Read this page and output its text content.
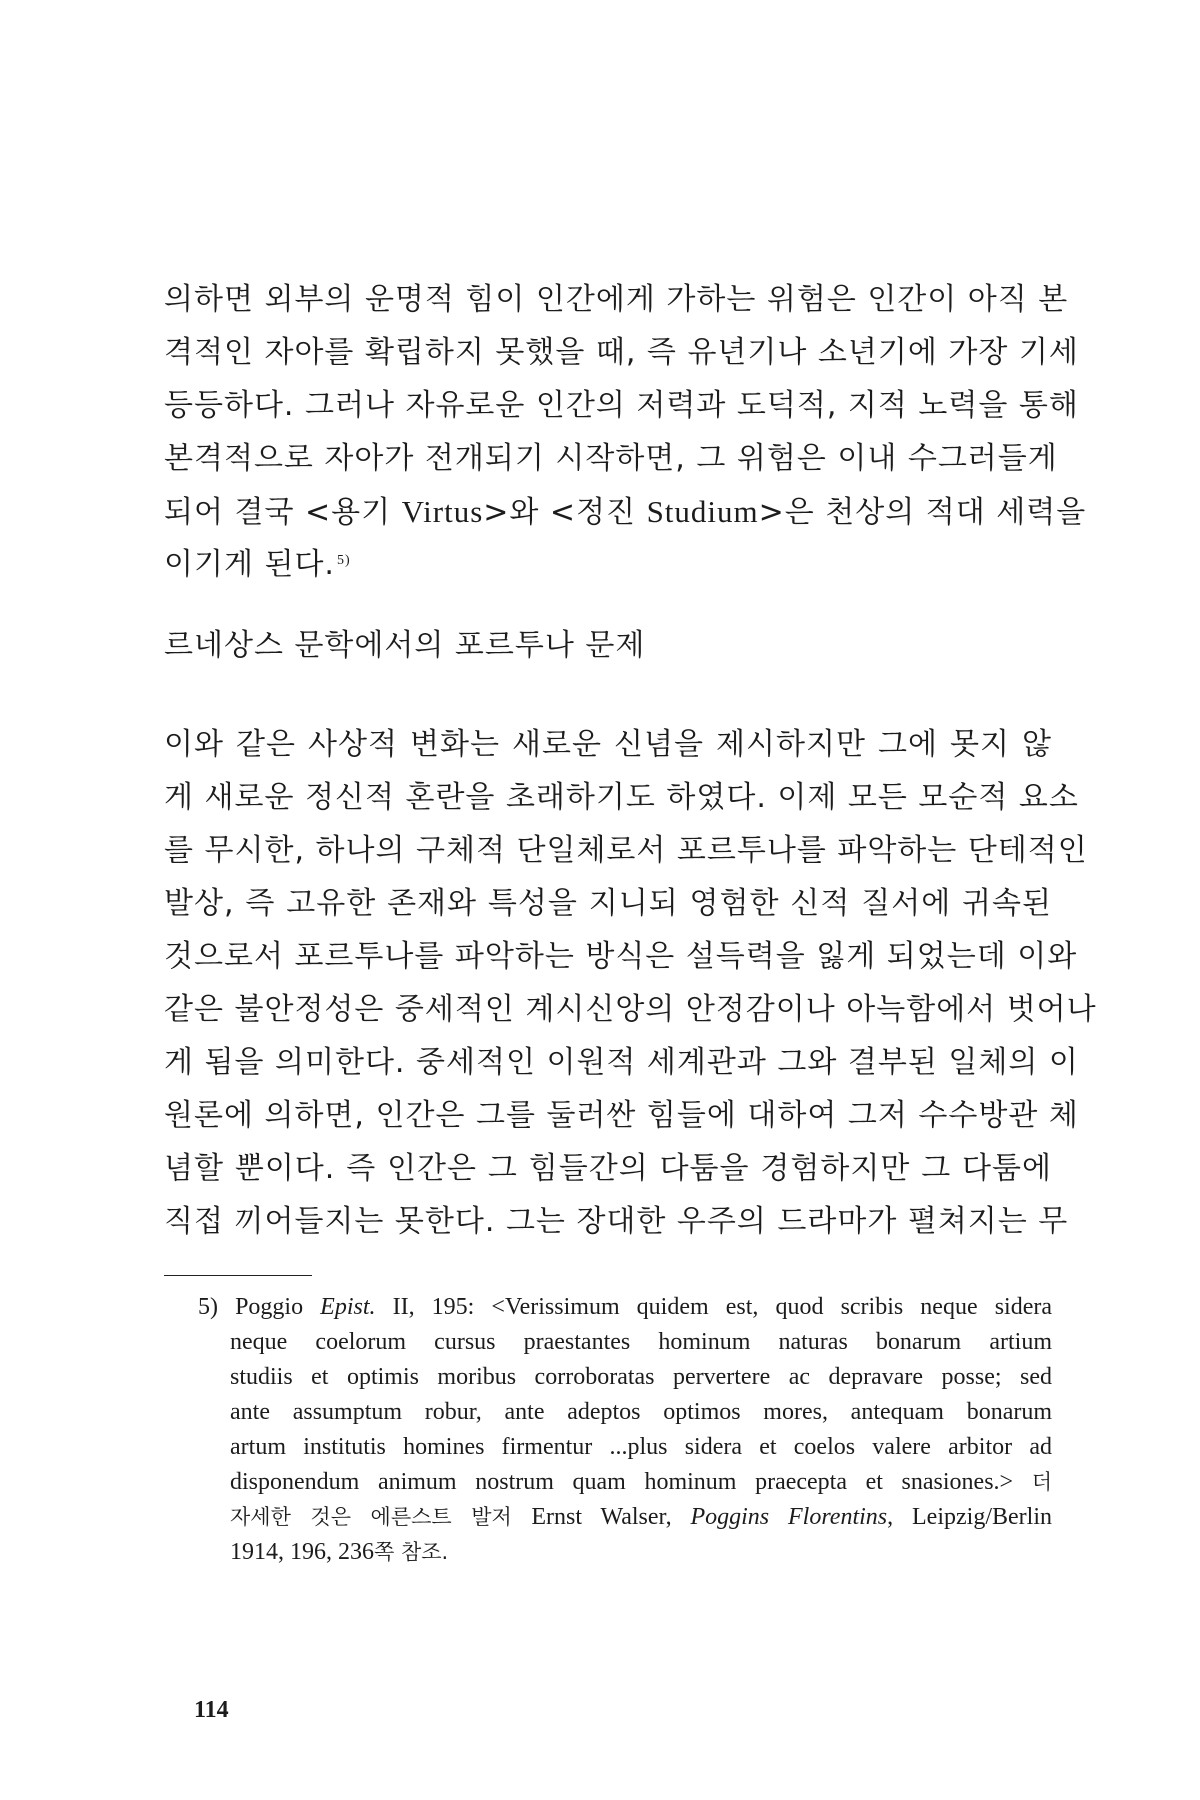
의하면 외부의 운명적 힘이 인간에게 가하는 위험은 인간이 아직 본
격적인 자아를 확립하지 못했을 때, 즉 유년기나 소년기에 가장 기세
등등하다. 그러나 자유로운 인간의 저력과 도덕적, 지적 노력을 통해
본격적으로 자아가 전개되기 시작하면, 그 위험은 이내 수그러들게
되어 결국 <용기 Virtus>와 <정진 Studium>은 천상의 적대 세력을
이기게 된다. $^{5)}$
르네상스 문학에서의 포르투나 문제
이와 같은 사상적 변화는 새로운 신념을 제시하지만 그에 못지 않
게 새로운 정신적 혼란을 초래하기도 하였다. 이제 모든 모순적 요소
를 무시한, 하나의 구체적 단일체로서 포르투나를 파악하는 단테적인
발상, 즉 고유한 존재와 특성을 지니되 영험한 신적 질서에 귀속된
것으로서 포르투나를 파악하는 방식은 설득력을 잃게 되었는데 이와
같은 불안정성은 중세적인 계시신앙의 안정감이나 아늑함에서 벗어나
게 됨을 의미한다. 중세적인 이원적 세계관과 그와 결부된 일체의 이
원론에 의하면, 인간은 그를 둘러싼 힘들에 대하여 그저 수수방관 체
념할 뿐이다. 즉 인간은 그 힘들간의 다툼을 경험하지만 그 다툼에
직접 끼어들지는 못한다. 그는 장대한 우주의 드라마가 펼쳐지는 무
5) Poggio Epist. II, 195: <Verissimum quidem est, quod scribis neque sidera
neque coelorum cursus praestantes hominum naturas bonarum artium
studiis et optimis moribus corroboratas pervertere ac depravare posse; sed
ante assumptum robur, ante adeptos optimos mores, antequam bonarum
artum institutis homines firmentur ...plus sidera et coelos valere arbitor ad
disponendum animum nostrum quam hominum praecepta et snasiones.> 더
자세한 것은 에른스트 발저 Ernst Walser, Poggins Florentins, Leipzig/Berlin
1914, 196, 236쪽 참조.
114
